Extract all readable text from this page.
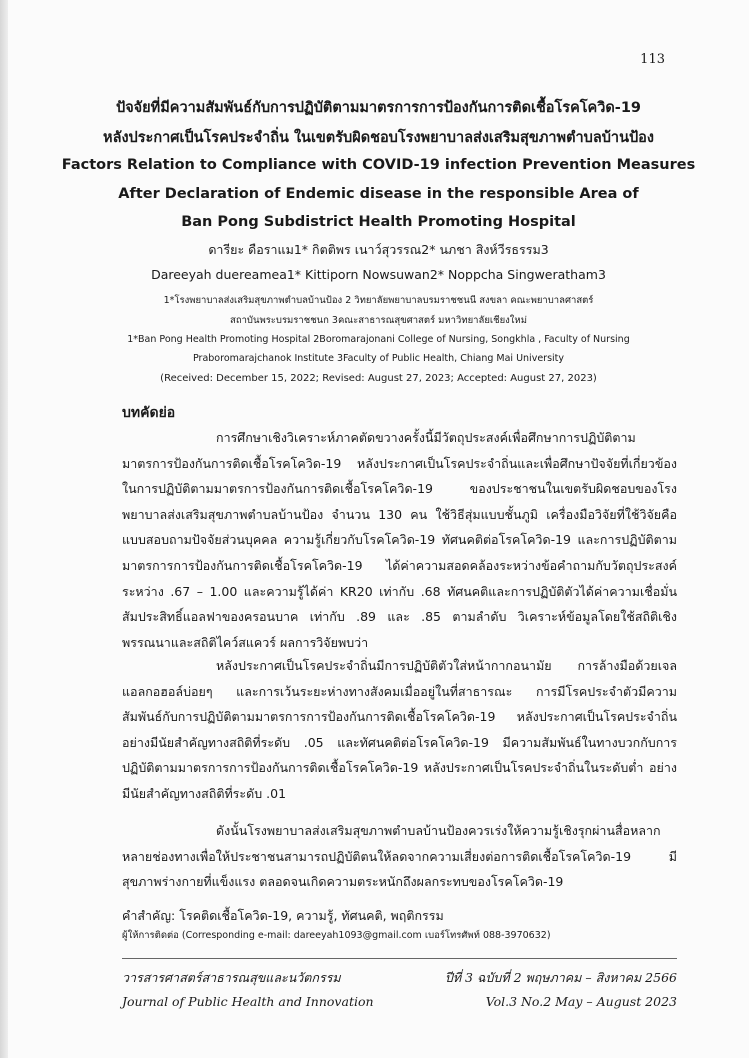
113
ปัจจัยที่มีความสัมพันธ์กับการปฏิบัติตามมาตรการการป้องกันการติดเชื้อโรคโควิด-19
หลังประกาศเป็นโรคประจำถิ่น ในเขตรับผิดชอบโรงพยาบาลส่งเสริมสุขภาพตำบลบ้านป้อง
Factors Relation to Compliance with COVID-19 infection Prevention Measures
After Declaration of Endemic disease in the responsible Area of
Ban Pong Subdistrict Health Promoting Hospital
ดารียะ ดือราแม1* กิตติพร เนาว์สุวรรณ2* นภชา สิงห์วีรธรรม3
Dareeyah duereamea1* Kittiporn Nowsuwan2* Noppcha Singweratham3
1*โรงพยาบาลส่งเสริมสุขภาพตำบลบ้านป้อง 2 วิทยาลัยพยาบาลบรมราชชนนี สงขลา คณะพยาบาลศาสตร์
สถาบันพระบรมราชชนก 3คณะสาธารณสุขศาสตร์ มหาวิทยาลัยเชียงใหม่
1*Ban Pong Health Promoting Hospital 2Boromarajonani College of Nursing, Songkhla , Faculty of Nursing
Praboromarajchanok Institute 3Faculty of Public Health, Chiang Mai University
(Received: December 15, 2022; Revised: August 27, 2023; Accepted: August 27, 2023)
บทคัดย่อ
การศึกษาเชิงวิเคราะห์ภาคตัดขวางครั้งนี้มีวัตถุประสงค์เพื่อศึกษาการปฏิบัติตามมาตรการป้องกันการติดเชื้อโรคโควิด-19 หลังประกาศเป็นโรคประจำถิ่นและเพื่อศึกษาปัจจัยที่เกี่ยวข้องในการปฏิบัติตามมาตรการป้องกันการติดเชื้อโรคโควิด-19 ของประชาชนในเขตรับผิดชอบของโรงพยาบาลส่งเสริมสุขภาพตำบลบ้านป้อง จำนวน 130 คน ใช้วิธีสุ่มแบบชั้นภูมิ เครื่องมือวิจัยที่ใช้วิจัยคือแบบสอบถามปัจจัยส่วนบุคคล ความรู้เกี่ยวกับโรคโควิด-19 ทัศนคติต่อโรคโควิด-19 และการปฏิบัติตามมาตรการการป้องกันการติดเชื้อโรคโควิด-19 ได้ค่าความสอดคล้องระหว่างข้อคำถามกับวัตถุประสงค์ระหว่าง .67 – 1.00 และความรู้ได้ค่า KR20 เท่ากับ .68 ทัศนคติและการปฏิบัติตัวได้ค่าความเชื่อมั่นสัมประสิทธิ์แอลฟาของครอนบาค เท่ากับ .89 และ .85 ตามลำดับ วิเคราะห์ข้อมูลโดยใช้สถิติเชิงพรรณนาและสถิติไคว์สแควร์ ผลการวิจัยพบว่า
หลังประกาศเป็นโรคประจำถิ่นมีการปฏิบัติตัวใส่หน้ากากอนามัย การล้างมือด้วยเจลแอลกอฮอล์บ่อยๆ และการเว้นระยะห่างทางสังคมเมื่ออยู่ในที่สาธารณะ การมีโรคประจำตัวมีความสัมพันธ์กับการปฏิบัติตามมาตรการการป้องกันการติดเชื้อโรคโควิด-19 หลังประกาศเป็นโรคประจำถิ่น อย่างมีนัยสำคัญทางสถิติที่ระดับ .05 และทัศนคติต่อโรคโควิด-19 มีความสัมพันธ์ในทางบวกกับการปฏิบัติตามมาตรการการป้องกันการติดเชื้อโรคโควิด-19 หลังประกาศเป็นโรคประจำถิ่นในระดับต่ำ อย่างมีนัยสำคัญทางสถิติที่ระดับ .01
ดังนั้นโรงพยาบาลส่งเสริมสุขภาพตำบลบ้านป้องควรเร่งให้ความรู้เชิงรุกผ่านสื่อหลากหลายช่องทางเพื่อให้ประชาชนสามารถปฏิบัติตนให้ลดจากความเสี่ยงต่อการติดเชื้อโรคโควิด-19 มีสุขภาพร่างกายที่แข็งแรง ตลอดจนเกิดความตระหนักถึงผลกระทบของโรคโควิด-19
คำสำคัญ: โรคติดเชื้อโควิด-19, ความรู้, ทัศนคติ, พฤติกรรม
ผู้ให้การติดต่อ (Corresponding e-mail: dareeyah1093@gmail.com เบอร์โทรศัพท์ 088-3970632)
วารสารศาสตร์สาธารณสุขและนวัตกรรม	ปีที่ 3 ฉบับที่ 2 พฤษภาคม – สิงหาคม 2566
Journal of Public Health and Innovation	Vol.3 No.2 May – August 2023
